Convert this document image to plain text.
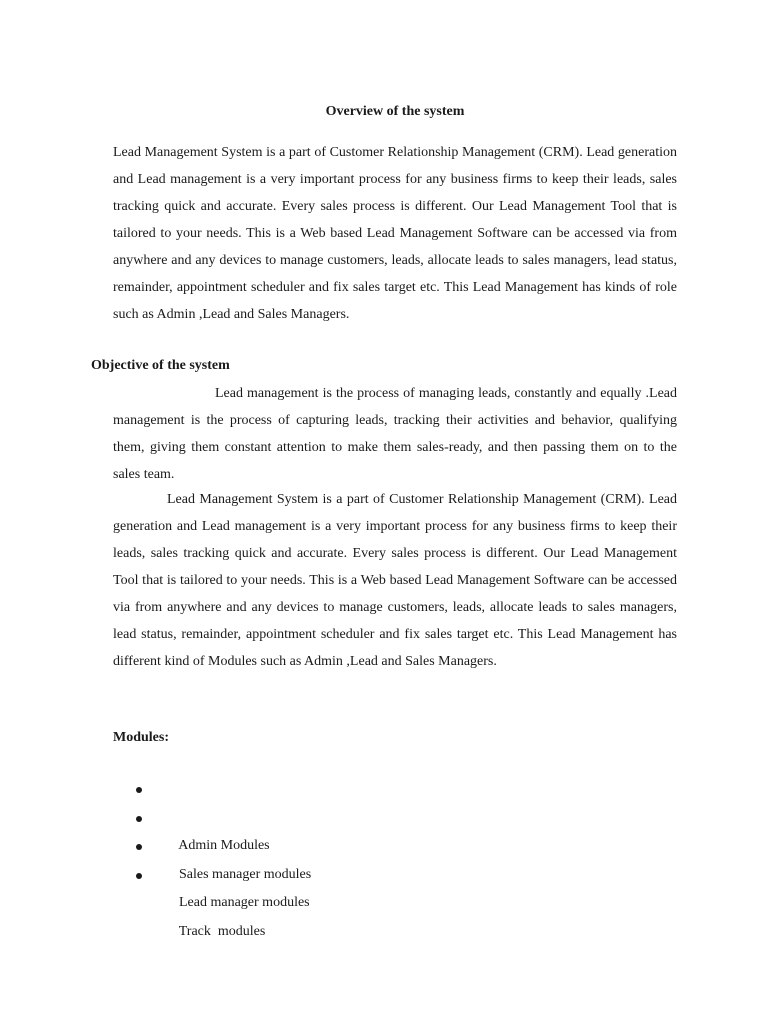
Overview of the system

Lead Management System is a part of Customer Relationship Management (CRM). Lead generation and Lead management is a very important process for any business firms to keep their leads, sales tracking quick and accurate. Every sales process is different. Our Lead Management Tool that is tailored to your needs. This is a Web based Lead Management Software can be accessed via from anywhere and any devices to manage customers, leads, allocate leads to sales managers, lead status, remainder, appointment scheduler and fix sales target etc. This Lead Management has kinds of role such as Admin ,Lead and Sales Managers.

Objective of the system

Lead management is the process of managing leads, constantly and equally .Lead management is the process of capturing leads, tracking their activities and behavior, qualifying them, giving them constant attention to make them sales-ready, and then passing them on to the sales team.

Lead Management System is a part of Customer Relationship Management (CRM). Lead generation and Lead management is a very important process for any business firms to keep their leads, sales tracking quick and accurate. Every sales process is different. Our Lead Management Tool that is tailored to your needs. This is a Web based Lead Management Software can be accessed via from anywhere and any devices to manage customers, leads, allocate leads to sales managers, lead status, remainder, appointment scheduler and fix sales target etc. This Lead Management has different kind of Modules such as Admin ,Lead and Sales Managers.

Modules:

Admin Modules

Sales manager modules

Lead manager modules

Track  modules
